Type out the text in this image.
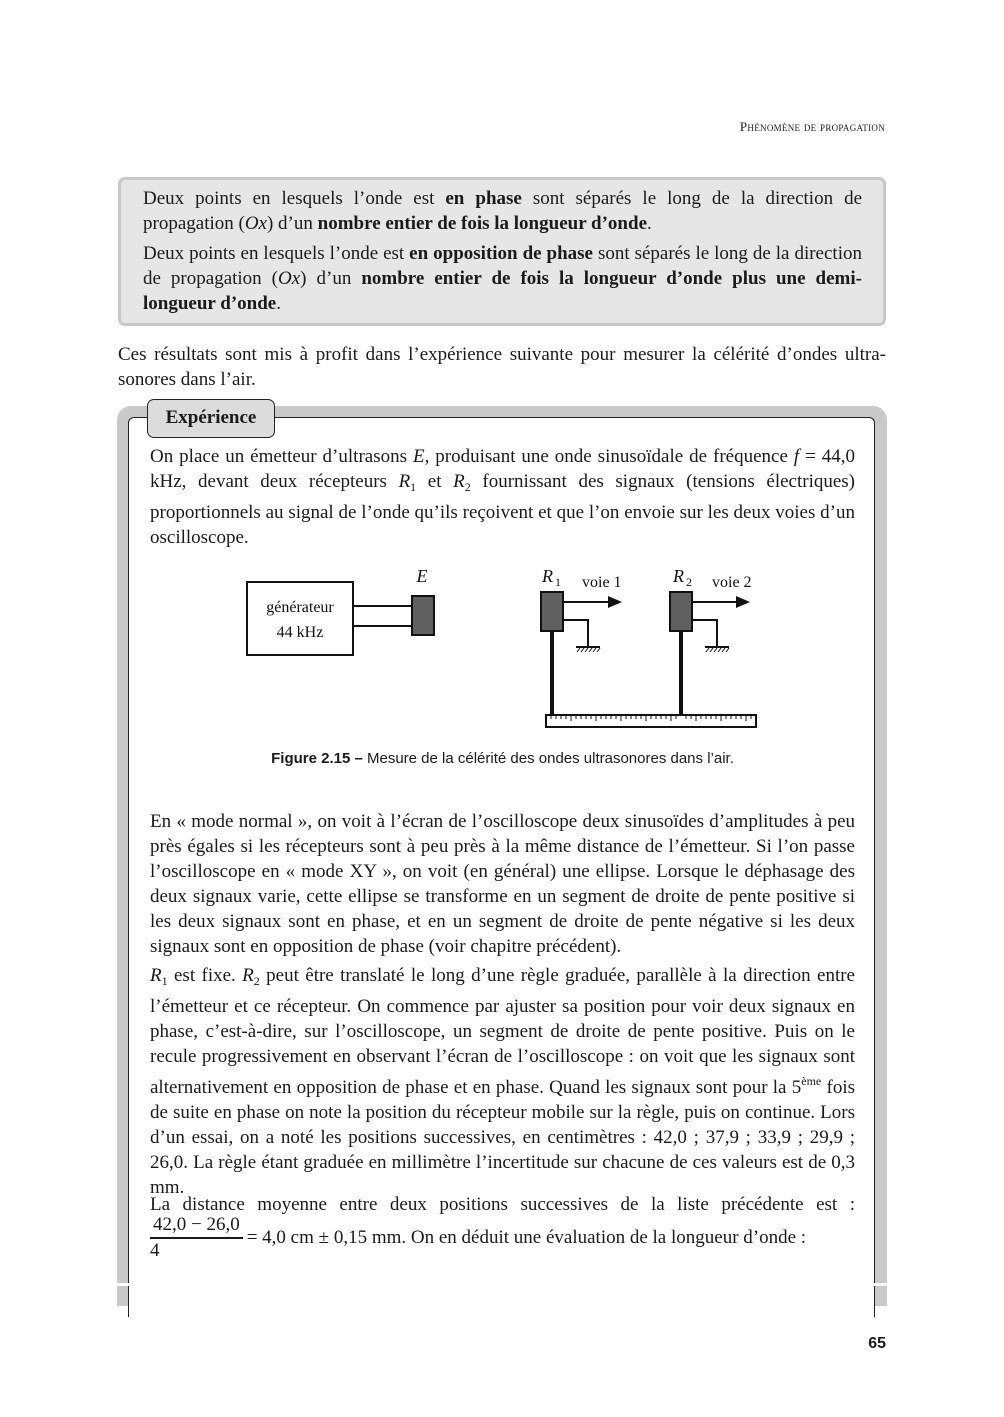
Phénomène de propagation

Deux points en lesquels l’onde est en phase sont séparés le long de la direction de propagation (Ox) d’un nombre entier de fois la longueur d’onde.

Deux points en lesquels l’onde est en opposition de phase sont séparés le long de la direction de propagation (Ox) d’un nombre entier de fois la longueur d’onde plus une demi-longueur d’onde.

Ces résultats sont mis à profit dans l’expérience suivante pour mesurer la célérité d’ondes ultra-sonores dans l’air.

Expérience

On place un émetteur d’ultrasons E, produisant une onde sinusoïdale de fréquence f = 44,0 kHz, devant deux récepteurs $R_1$ et $R_2$ fournissant des signaux (tensions électriques) proportionnels au signal de l’onde qu’ils reçoivent et que l’on envoie sur les deux voies d’un oscilloscope.

générateur
44 kHz
E	R 1 voie 1	R 2 voie 2
Figure 2.15 – Mesure de la célérité des ondes ultrasonores dans l’air.

En « mode normal », on voit à l’écran de l’oscilloscope deux sinusoïdes d’amplitudes à peu près égales si les récepteurs sont à peu près à la même distance de l’émetteur. Si l’on passe l’oscilloscope en « mode XY », on voit (en général) une ellipse. Lorsque le déphasage des deux signaux varie, cette ellipse se transforme en un segment de droite de pente positive si les deux signaux sont en phase, et en un segment de droite de pente négative si les deux signaux sont en opposition de phase (voir chapitre précédent).

$R_1$ est fixe. $R_2$ peut être translaté le long d’une règle graduée, parallèle à la direction entre l’émetteur et ce récepteur. On commence par ajuster sa position pour voir deux signaux en phase, c’est-à-dire, sur l’oscilloscope, un segment de droite de pente positive. Puis on le recule progressivement en observant l’écran de l’oscilloscope : on voit que les signaux sont alternativement en opposition de phase et en phase. Quand les signaux sont pour la 5ème fois de suite en phase on note la position du récepteur mobile sur la règle, puis on continue. Lors d’un essai, on a noté les positions successives, en centimètres : 42,0 ; 37,9 ; 33,9 ; 29,9 ; 26,0. La règle étant graduée en millimètre l’incertitude sur chacune de ces valeurs est de 0,3 mm.

La distance moyenne entre deux positions successives de la liste précédente est :

$\frac{42,0 - 26,0}{4} = 4,0$ cm ± 0,15 mm. On en déduit une évaluation de la longueur d’onde :

65
